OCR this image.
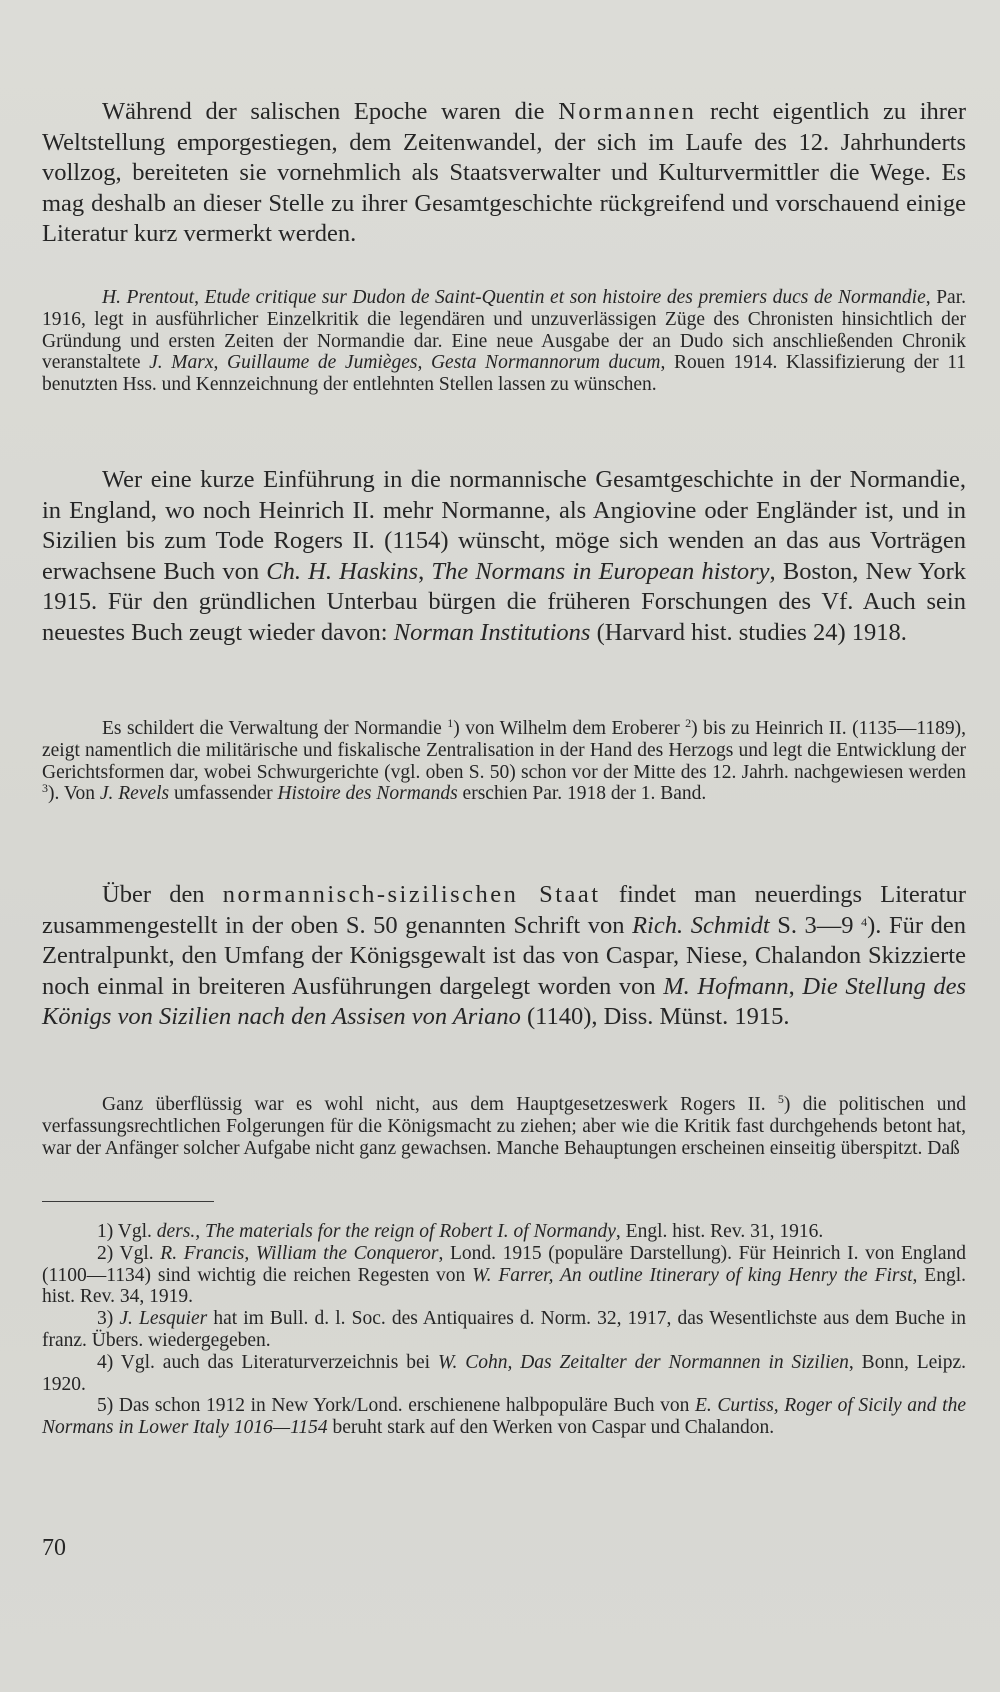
Während der salischen Epoche waren die Normannen recht eigentlich zu ihrer Weltstellung emporgestiegen, dem Zeitenwandel, der sich im Laufe des 12. Jahrhunderts vollzog, bereiteten sie vornehmlich als Staatsverwalter und Kulturvermittler die Wege. Es mag deshalb an dieser Stelle zu ihrer Gesamtgeschichte rückgreifend und vorschauend einige Literatur kurz vermerkt werden.

H. Prentout, Etude critique sur Dudon de Saint-Quentin et son histoire des premiers ducs de Normandie, Par. 1916, legt in ausführlicher Einzelkritik die legendären und unzuverlässigen Züge des Chronisten hinsichtlich der Gründung und ersten Zeiten der Normandie dar. Eine neue Ausgabe der an Dudo sich anschließenden Chronik veranstaltete J. Marx, Guillaume de Jumièges, Gesta Normannorum ducum, Rouen 1914. Klassifizierung der 11 benutzten Hss. und Kennzeichnung der entlehnten Stellen lassen zu wünschen.

Wer eine kurze Einführung in die normannische Gesamtgeschichte in der Normandie, in England, wo noch Heinrich II. mehr Normanne, als Angiovine oder Engländer ist, und in Sizilien bis zum Tode Rogers II. (1154) wünscht, möge sich wenden an das aus Vorträgen erwachsene Buch von Ch. H. Haskins, The Normans in European history, Boston, New York 1915. Für den gründlichen Unterbau bürgen die früheren Forschungen des Vf. Auch sein neuestes Buch zeugt wieder davon: Norman Institutions (Harvard hist. studies 24) 1918.

Es schildert die Verwaltung der Normandie $^1$) von Wilhelm dem Eroberer $^2$) bis zu Heinrich II. (1135—1189), zeigt namentlich die militärische und fiskalische Zentralisation in der Hand des Herzogs und legt die Entwicklung der Gerichtsformen dar, wobei Schwurgerichte (vgl. oben S. 50) schon vor der Mitte des 12. Jahrh. nachgewiesen werden $^3$). Von J. Revels umfassender Histoire des Normands erschien Par. 1918 der 1. Band.

Über den normannisch-sizilischen Staat findet man neuerdings Literatur zusammengestellt in der oben S. 50 genannten Schrift von Rich. Schmidt S. 3—9 $^4$). Für den Zentralpunkt, den Umfang der Königsgewalt ist das von Caspar, Niese, Chalandon Skizzierte noch einmal in breiteren Ausführungen dargelegt worden von M. Hofmann, Die Stellung des Königs von Sizilien nach den Assisen von Ariano (1140), Diss. Münst. 1915.

Ganz überflüssig war es wohl nicht, aus dem Hauptgesetzeswerk Rogers II. $^5$) die politischen und verfassungsrechtlichen Folgerungen für die Königsmacht zu ziehen; aber wie die Kritik fast durchgehends betont hat, war der Anfänger solcher Aufgabe nicht ganz gewachsen. Manche Behauptungen erscheinen einseitig überspitzt. Daß

1) Vgl. ders., The materials for the reign of Robert I. of Normandy, Engl. hist. Rev. 31, 1916.

2) Vgl. R. Francis, William the Conqueror, Lond. 1915 (populäre Darstellung). Für Heinrich I. von England (1100—1134) sind wichtig die reichen Regesten von W. Farrer, An outline Itinerary of king Henry the First, Engl. hist. Rev. 34, 1919.

3) J. Lesquier hat im Bull. d. l. Soc. des Antiquaires d. Norm. 32, 1917, das Wesentlichste aus dem Buche in franz. Übers. wiedergegeben.

4) Vgl. auch das Literaturverzeichnis bei W. Cohn, Das Zeitalter der Normannen in Sizilien, Bonn, Leipz. 1920.

5) Das schon 1912 in New York/Lond. erschienene halbpopuläre Buch von E. Curtiss, Roger of Sicily and the Normans in Lower Italy 1016—1154 beruht stark auf den Werken von Caspar und Chalandon.

70
